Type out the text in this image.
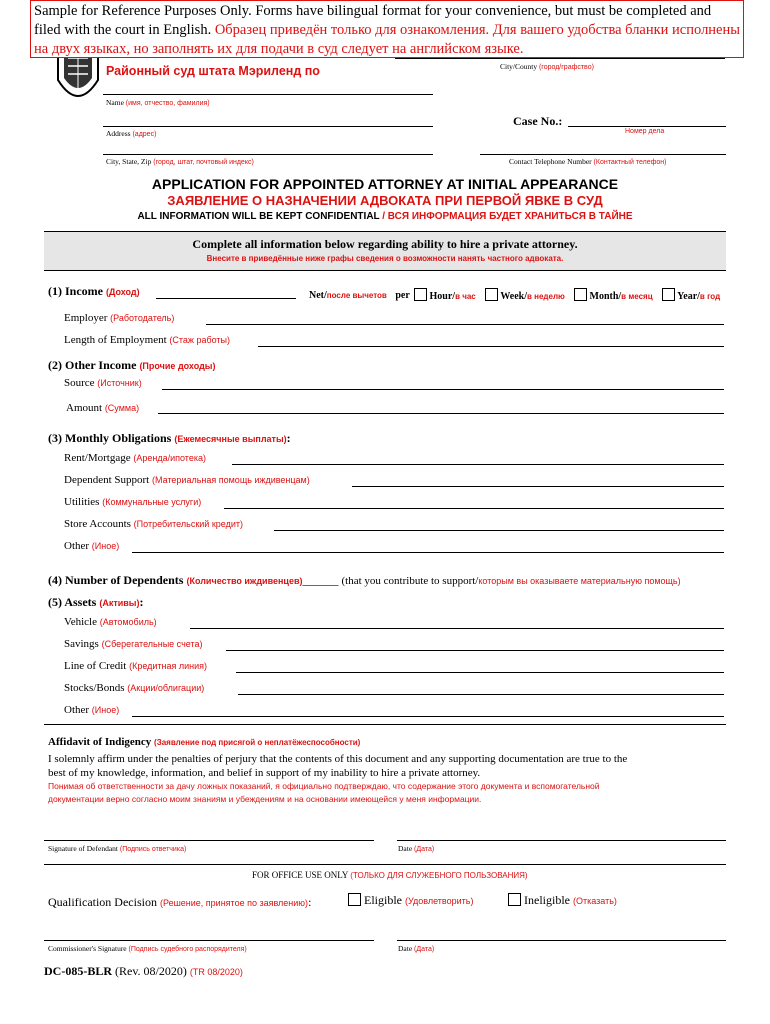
Sample for Reference Purposes Only. Forms have bilingual format for your convenience, but must be completed and filed with the court in English. Образец приведён только для ознакомления. Для вашего удобства бланки исполнены на двух языках, но заполнять их для подачи в суд следует на английском языке.
Районный суд штата Мэриленд по	City/County (город/графство)
Name (имя, отчество, фамилия)
Address (адрес)
Case No.:
Номер дела
City, State, Zip (город, штат, почтовый индекс)	Contact Telephone Number (Контактный телефон)
APPLICATION FOR APPOINTED ATTORNEY AT INITIAL APPEARANCE
ЗАЯВЛЕНИЕ О НАЗНАЧЕНИИ АДВОКАТА ПРИ ПЕРВОЙ ЯВКЕ В СУД
ALL INFORMATION WILL BE KEPT CONFIDENTIAL / ВСЯ ИНФОРМАЦИЯ БУДЕТ ХРАНИТЬСЯ В ТАЙНЕ
Complete all information below regarding ability to hire a private attorney.
Внесите в приведённые ниже графы сведения о возможности нанять частного адвоката.
(1) Income (Доход)	Net/после вычетов per	Hour/в час	Week/в неделю	Month/в месяц	Year/в год
Employer (Работодатель)
Length of Employment (Стаж работы)
(2) Other Income (Прочие доходы)
Source (Источник)
Amount (Сумма)
(3) Monthly Obligations (Ежемесячные выплаты):
Rent/Mortgage (Аренда/ипотека)
Dependent Support (Материальная помощь иждивенцам)
Utilities (Коммунальные услуги)
Store Accounts (Потребительский кредит)
Other (Иное)
(4) Number of Dependents (Количество иждивенцев)______ (that you contribute to support/которым вы оказываете материальную помощь)
(5) Assets (Активы):
Vehicle (Автомобиль)
Savings (Сберегательные счета)
Line of Credit (Кредитная линия)
Stocks/Bonds (Акции/облигации)
Other (Иное)
Affidavit of Indigency (Заявление под присягой о неплатёжеспособности)
I solemnly affirm under the penalties of perjury that the contents of this document and any supporting documentation are true to the
best of my knowledge, information, and belief in support of my inability to hire a private attorney.
Понимая об ответственности за дачу ложных показаний, я официально подтверждаю, что содержание этого документа и вспомогательной
документации верно согласно моим знаниям и убеждениям и на основании имеющейся у меня информации.
Signature of Defendant (Подпись ответчика)	Date (Дата)
FOR OFFICE USE ONLY (ТОЛЬКО ДЛЯ СЛУЖЕБНОГО ПОЛЬЗОВАНИЯ)
Qualification Decision (Решение, принятое по заявлению):	Eligible (Удовлетворить)	Ineligible (Отказать)
Commissioner's Signature (Подпись судебного распорядителя)	Date (Дата)
DC-085-BLR (Rev. 08/2020) (TR 08/2020)
